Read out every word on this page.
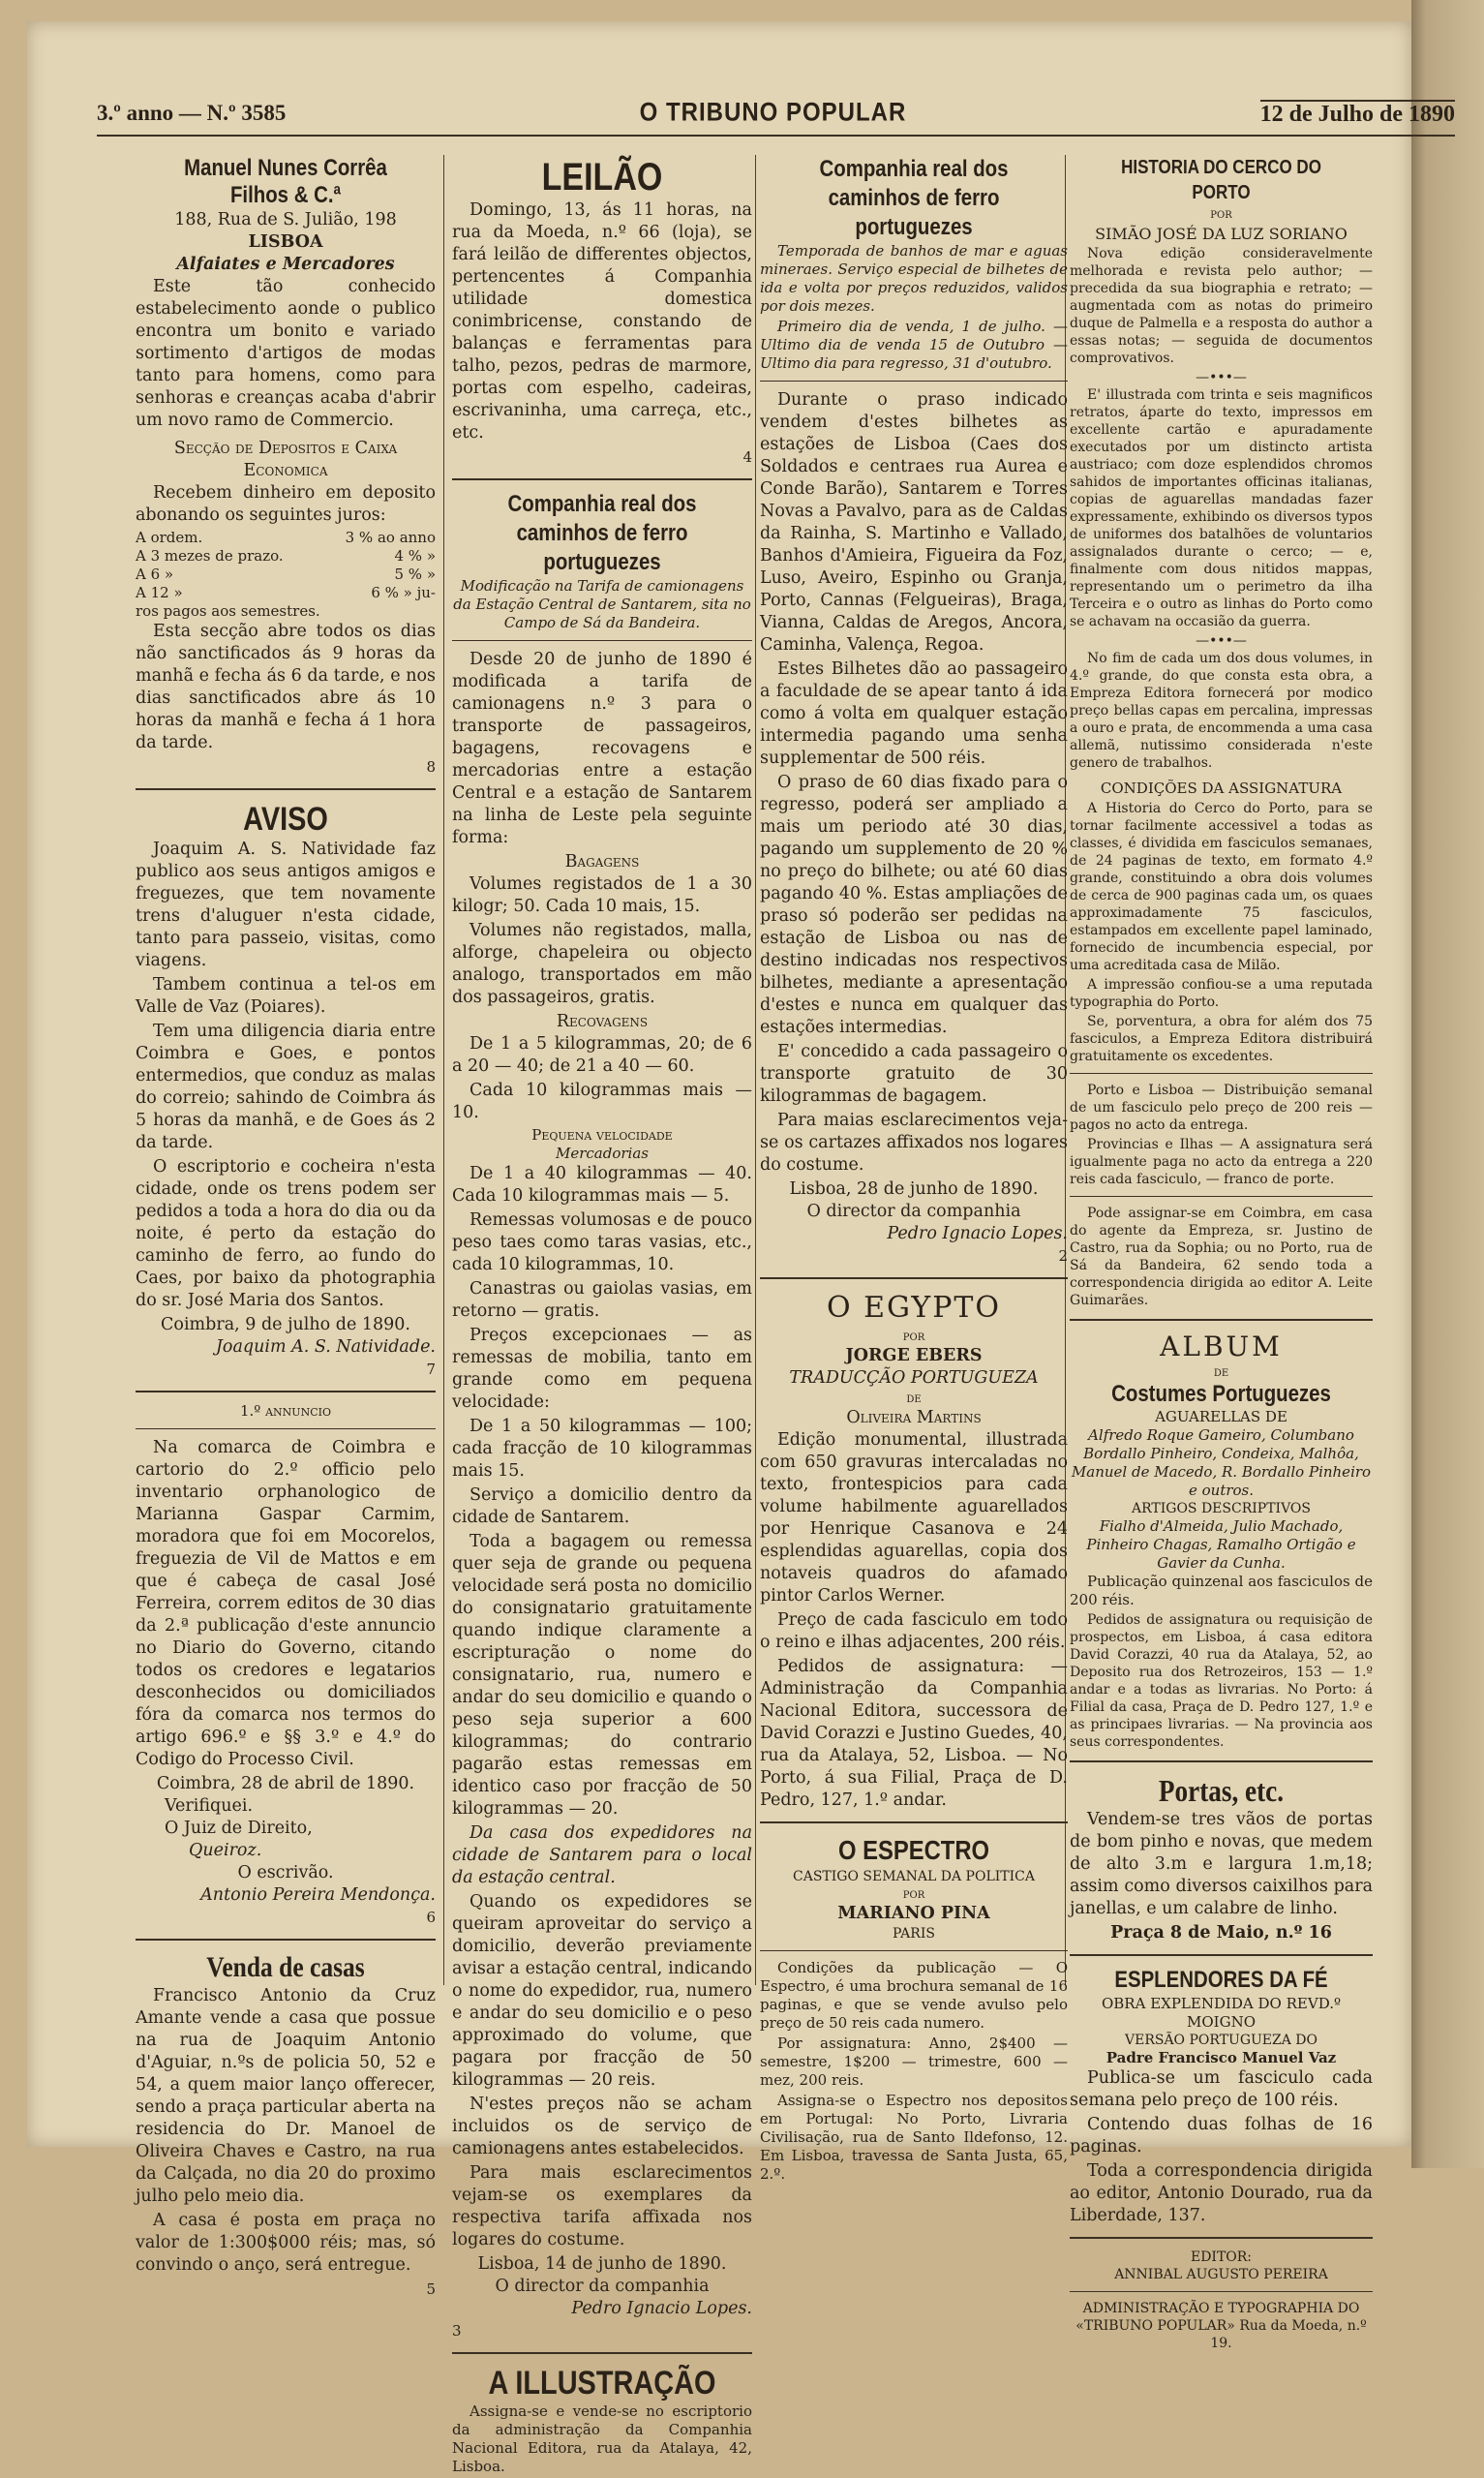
3.º anno — N.º 3585	O TRIBUNO POPULAR	12 de Julho de 1890
Manuel Nunes Corrêa Filhos & C.ª
188, Rua de S. Julião, 198
LISBOA
Alfaiates e Mercadores

Este tão conhecido estabelecimento aonde o publico encontra um bonito e variado sortimento d'artigos de modas tanto para homens, como para senhoras e creanças acaba d'abrir um novo ramo de Commercio.

Secção de Depositos e Caixa Economica

Recebem dinheiro em deposito abonando os seguintes juros:

A ordem.	3 % ao anno
A 3 mezes de prazo.	4 % »
A 6 »	5 % »
A 12 »	6 % » ju-
ros pagos aos semestres.

Esta secção abre todos os dias não sanctificados ás 9 horas da manhã e fecha ás 6 da tarde, e nos dias sanctificados abre ás 10 horas da manhã e fecha á 1 hora da tarde.

8
AVISO

Joaquim A. S. Natividade faz publico aos seus antigos amigos e freguezes, que tem novamente trens d'aluguer n'esta cidade, tanto para passeio, visitas, como viagens.

Tambem continua a tel-os em Valle de Vaz (Poiares).

Tem uma diligencia diaria entre Coimbra e Goes, e pontos entermedios, que conduz as malas do correio; sahindo de Coimbra ás 5 horas da manhã, e de Goes ás 2 da tarde.

O escriptorio e cocheira n'esta cidade, onde os trens podem ser pedidos a toda a hora do dia ou da noite, é perto da estação do caminho de ferro, ao fundo do Caes, por baixo da photographia do sr. José Maria dos Santos.

Coimbra, 9 de julho de 1890.
Joaquim A. S. Natividade.
7
1.º annuncio

Na comarca de Coimbra e cartorio do 2.º officio pelo inventario orphanologico de Marianna Gaspar Carmim, moradora que foi em Mocorelos, freguezia de Vil de Mattos e em que é cabeça de casal José Ferreira, correm editos de 30 dias da 2.ª publicação d'este annuncio no Diario do Governo, citando todos os credores e legatarios desconhecidos ou domiciliados fóra da comarca nos termos do artigo 696.º e §§ 3.º e 4.º do Codigo do Processo Civil.

Coimbra, 28 de abril de 1890.
Verifiquei.
O Juiz de Direito,
Queiroz.
O escrivão.
Antonio Pereira Mendonça.
6
Venda de casas

Francisco Antonio da Cruz Amante vende a casa que possue na rua de Joaquim Antonio d'Aguiar, n.ºs de policia 50, 52 e 54, a quem maior lanço offerecer, sendo a praça particular aberta na residencia do Dr. Manoel de Oliveira Chaves e Castro, na rua da Calçada, no dia 20 do proximo julho pelo meio dia.

A casa é posta em praça no valor de 1:300$000 réis; mas, só convindo o anço, será entregue.

5
LEILÃO

Domingo, 13, ás 11 horas, na rua da Moeda, n.º 66 (loja), se fará leilão de differentes objectos, pertencentes á Companhia utilidade domestica conimbricense, constando de balanças e ferramentas para talho, pezos, pedras de marmore, portas com espelho, cadeiras, escrivaninha, uma carreça, etc., etc.

4
Companhia real dos caminhos de ferro portuguezes
Modificação na Tarifa de camionagens da Estação Central de Santarem, sita no Campo de Sá da Bandeira.

Desde 20 de junho de 1890 é modificada a tarifa de camionagens n.º 3 para o transporte de passageiros, bagagens, recovagens e mercadorias entre a estação Central e a estação de Santarem na linha de Leste pela seguinte forma:

Bagagens

Volumes registados de 1 a 30 kilogr; 50. Cada 10 mais, 15.

Volumes não registados, malla, alforge, chapeleira ou objecto analogo, transportados em mão dos passageiros, gratis.

Recovagens

De 1 a 5 kilogrammas, 20; de 6 a 20 — 40; de 21 a 40 — 60.

Cada 10 kilogrammas mais — 10.

Pequena velocidade
Mercadorias

De 1 a 40 kilogrammas — 40. Cada 10 kilogrammas mais — 5.

Remessas volumosas e de pouco peso taes como taras vasias, etc., cada 10 kilogrammas, 10.

Canastras ou gaiolas vasias, em retorno — gratis.

Preços excepcionaes — as remessas de mobilia, tanto em grande como em pequena velocidade:

De 1 a 50 kilogrammas — 100; cada fracção de 10 kilogrammas mais 15.

Serviço a domicilio dentro da cidade de Santarem.

Toda a bagagem ou remessa quer seja de grande ou pequena velocidade será posta no domicilio do consignatario gratuitamente quando indique claramente a escripturação o nome do consignatario, rua, numero e andar do seu domicilio e quando o peso seja superior a 600 kilogrammas; do contrario pagarão estas remessas em identico caso por fracção de 50 kilogrammas — 20.

Da casa dos expedidores na cidade de Santarem para o local da estação central.

Quando os expedidores se queiram aproveitar do serviço a domicilio, deverão previamente avisar a estação central, indicando o nome do expedidor, rua, numero e andar do seu domicilio e o peso approximado do volume, que pagara por fracção de 50 kilogrammas — 20 reis.

N'estes preços não se acham incluidos os de serviço de camionagens antes estabelecidos.

Para mais esclarecimentos vejam-se os exemplares da respectiva tarifa affixada nos logares do costume.

Lisboa, 14 de junho de 1890.
O director da companhia
Pedro Ignacio Lopes.
3
A ILLUSTRAÇÃO

Assigna-se e vende-se no escriptorio da administração da Companhia Nacional Editora, rua da Atalaya, 42, Lisboa.

Companhia real dos caminhos de ferro portuguezes

Temporada de banhos de mar e aguas mineraes. Serviço especial de bilhetes de ida e volta por preços reduzidos, validos por dois mezes.

Primeiro dia de venda, 1 de julho. — Ultimo dia de venda 15 de Outubro — Ultimo dia para regresso, 31 d'outubro.

Durante o praso indicado vendem d'estes bilhetes as estações de Lisboa (Caes dos Soldados e centraes rua Aurea e Conde Barão), Santarem e Torres Novas a Pavalvo, para as de Caldas da Rainha, S. Martinho e Vallado, Banhos d'Amieira, Figueira da Foz, Luso, Aveiro, Espinho ou Granja, Porto, Cannas (Felgueiras), Braga, Vianna, Caldas de Aregos, Ancora, Caminha, Valença, Regoa.

Estes Bilhetes dão ao passageiro a faculdade de se apear tanto á ida como á volta em qualquer estação intermedia pagando uma senha supplementar de 500 réis.

O praso de 60 dias fixado para o regresso, poderá ser ampliado a mais um periodo até 30 dias, pagando um supplemento de 20 % no preço do bilhete; ou até 60 dias pagando 40 %. Estas ampliações de praso só poderão ser pedidas na estação de Lisboa ou nas de destino indicadas nos respectivos bilhetes, mediante a apresentação d'estes e nunca em qualquer das estações intermedias.

E' concedido a cada passageiro o transporte gratuito de 30 kilogrammas de bagagem.

Para maias esclarecimentos veja-se os cartazes affixados nos logares do costume.

Lisboa, 28 de junho de 1890.
O director da companhia
Pedro Ignacio Lopes.
2
O EGYPTO
por
JORGE EBERS
TRADUCÇÃO PORTUGUEZA
de
Oliveira Martins

Edição monumental, illustrada com 650 gravuras intercaladas no texto, frontespicios para cada volume habilmente aguarellados por Henrique Casanova e 24 esplendidas aguarellas, copia dos notaveis quadros do afamado pintor Carlos Werner.

Preço de cada fasciculo em todo o reino e ilhas adjacentes, 200 réis.

Pedidos de assignatura: — Administração da Companhia Nacional Editora, successora de David Corazzi e Justino Guedes, 40, rua da Atalaya, 52, Lisboa. — No Porto, á sua Filial, Praça de D. Pedro, 127, 1.º andar.

O ESPECTRO
CASTIGO SEMANAL DA POLITICA
por
MARIANO PINA
PARIS

Condições da publicação — O Espectro, é uma brochura semanal de 16 paginas, e que se vende avulso pelo preço de 50 reis cada numero.

Por assignatura: Anno, 2$400 — semestre, 1$200 — trimestre, 600 — mez, 200 reis.

Assigna-se o Espectro nos depositos em Portugal: No Porto, Livraria Civilisação, rua de Santo Ildefonso, 12. Em Lisboa, travessa de Santa Justa, 65, 2.º.

HISTORIA DO CERCO DO PORTO
por
SIMÃO JOSÉ DA LUZ SORIANO

Nova edição consideravelmente melhorada e revista pelo author; — precedida da sua biographia e retrato; — augmentada com as notas do primeiro duque de Palmella e a resposta do author a essas notas; — seguida de documentos comprovativos.

—•••—

E' illustrada com trinta e seis magnificos retratos, áparte do texto, impressos em excellente cartão e apuradamente executados por um distincto artista austriaco; com doze esplendidos chromos sahidos de importantes officinas italianas, copias de aguarellas mandadas fazer expressamente, exhibindo os diversos typos de uniformes dos batalhões de voluntarios assignalados durante o cerco; — e, finalmente com dous nitidos mappas, representando um o perimetro da ilha Terceira e o outro as linhas do Porto como se achavam na occasião da guerra.

—•••—

No fim de cada um dos dous volumes, in 4.º grande, do que consta esta obra, a Empreza Editora fornecerá por modico preço bellas capas em percalina, impressas a ouro e prata, de encommenda a uma casa allemã, nutissimo considerada n'este genero de trabalhos.

CONDIÇÕES DA ASSIGNATURA

A Historia do Cerco do Porto, para se tornar facilmente accessivel a todas as classes, é dividida em fasciculos semanaes, de 24 paginas de texto, em formato 4.º grande, constituindo a obra dois volumes de cerca de 900 paginas cada um, os quaes approximadamente 75 fasciculos, estampados em excellente papel laminado, fornecido de incumbencia especial, por uma acreditada casa de Milão.

A impressão confiou-se a uma reputada typographia do Porto.

Se, porventura, a obra for além dos 75 fasciculos, a Empreza Editora distribuirá gratuitamente os excedentes.

Porto e Lisboa — Distribuição semanal de um fasciculo pelo preço de 200 reis — pagos no acto da entrega.

Provincias e Ilhas — A assignatura será igualmente paga no acto da entrega a 220 reis cada fasciculo, — franco de porte.

Pode assignar-se em Coimbra, em casa do agente da Empreza, sr. Justino de Castro, rua da Sophia; ou no Porto, rua de Sá da Bandeira, 62 sendo toda a correspondencia dirigida ao editor A. Leite Guimarães.

ALBUM
de
Costumes Portuguezes
AGUARELLAS DE
Alfredo Roque Gameiro, Columbano Bordallo Pinheiro, Condeixa, Malhôa, Manuel de Macedo, R. Bordallo Pinheiro e outros.
ARTIGOS DESCRIPTIVOS
Fialho d'Almeida, Julio Machado, Pinheiro Chagas, Ramalho Ortigão e Gavier da Cunha.

Publicação quinzenal aos fasciculos de 200 réis.

Pedidos de assignatura ou requisição de prospectos, em Lisboa, á casa editora David Corazzi, 40 rua da Atalaya, 52, ao Deposito rua dos Retrozeiros, 153 — 1.º andar e a todas as livrarias. No Porto: á Filial da casa, Praça de D. Pedro 127, 1.º e as principaes livrarias. — Na provincia aos seus correspondentes.

Portas, etc.

Vendem-se tres vãos de portas de bom pinho e novas, que medem de alto 3.m e largura 1.m,18; assim como diversos caixilhos para janellas, e um calabre de linho.

Praça 8 de Maio, n.º 16
ESPLENDORES DA FÉ
OBRA EXPLENDIDA DO REVD.º MOIGNO
VERSÃO PORTUGUEZA DO
Padre Francisco Manuel Vaz

Publica-se um fasciculo cada semana pelo preço de 100 réis.

Contendo duas folhas de 16 paginas.

Toda a correspondencia dirigida ao editor, Antonio Dourado, rua da Liberdade, 137.

EDITOR:
ANNIBAL AUGUSTO PEREIRA
ADMINISTRAÇÃO E TYPOGRAPHIA DO «TRIBUNO POPULAR» Rua da Moeda, n.º 19.
